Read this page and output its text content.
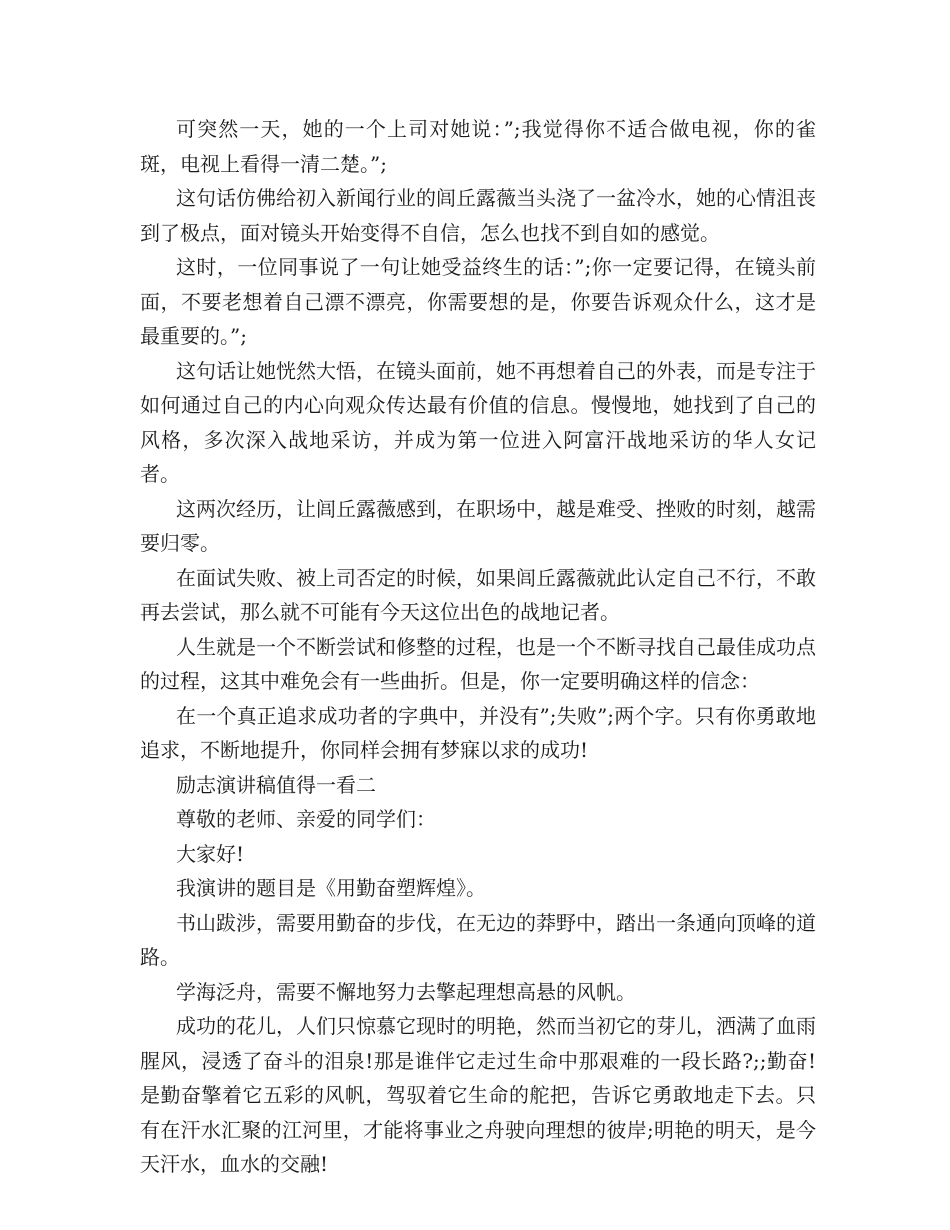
可突然一天，她的一个上司对她说：”;我觉得你不适合做电视，你的雀斑，电视上看得一清二楚。”;

这句话仿佛给初入新闻行业的闾丘露薇当头浇了一盆冷水，她的心情沮丧到了极点，面对镜头开始变得不自信，怎么也找不到自如的感觉。

这时，一位同事说了一句让她受益终生的话：”;你一定要记得，在镜头前面，不要老想着自己漂不漂亮，你需要想的是，你要告诉观众什么，这才是最重要的。”;

这句话让她恍然大悟，在镜头面前，她不再想着自己的外表，而是专注于如何通过自己的内心向观众传达最有价值的信息。慢慢地，她找到了自己的风格，多次深入战地采访，并成为第一位进入阿富汗战地采访的华人女记者。

这两次经历，让闾丘露薇感到，在职场中，越是难受、挫败的时刻，越需要归零。

在面试失败、被上司否定的时候，如果闾丘露薇就此认定自己不行，不敢再去尝试，那么就不可能有今天这位出色的战地记者。

人生就是一个不断尝试和修整的过程，也是一个不断寻找自己最佳成功点的过程，这其中难免会有一些曲折。但是，你一定要明确这样的信念：

在一个真正追求成功者的字典中，并没有”;失败”;两个字。只有你勇敢地追求，不断地提升，你同样会拥有梦寐以求的成功!

励志演讲稿值得一看二

尊敬的老师、亲爱的同学们：

大家好!

我演讲的题目是《用勤奋塑辉煌》。

书山跋涉，需要用勤奋的步伐，在无边的莽野中，踏出一条通向顶峰的道路。

学海泛舟，需要不懈地努力去擎起理想高悬的风帆。

成功的花儿，人们只惊慕它现时的明艳，然而当初它的芽儿，洒满了血雨腥风，浸透了奋斗的泪泉!那是谁伴它走过生命中那艰难的一段长路?;;勤奋!是勤奋擎着它五彩的风帆，驾驭着它生命的舵把，告诉它勇敢地走下去。只有在汗水汇聚的江河里，才能将事业之舟驶向理想的彼岸;明艳的明天，是今天汗水，血水的交融!
